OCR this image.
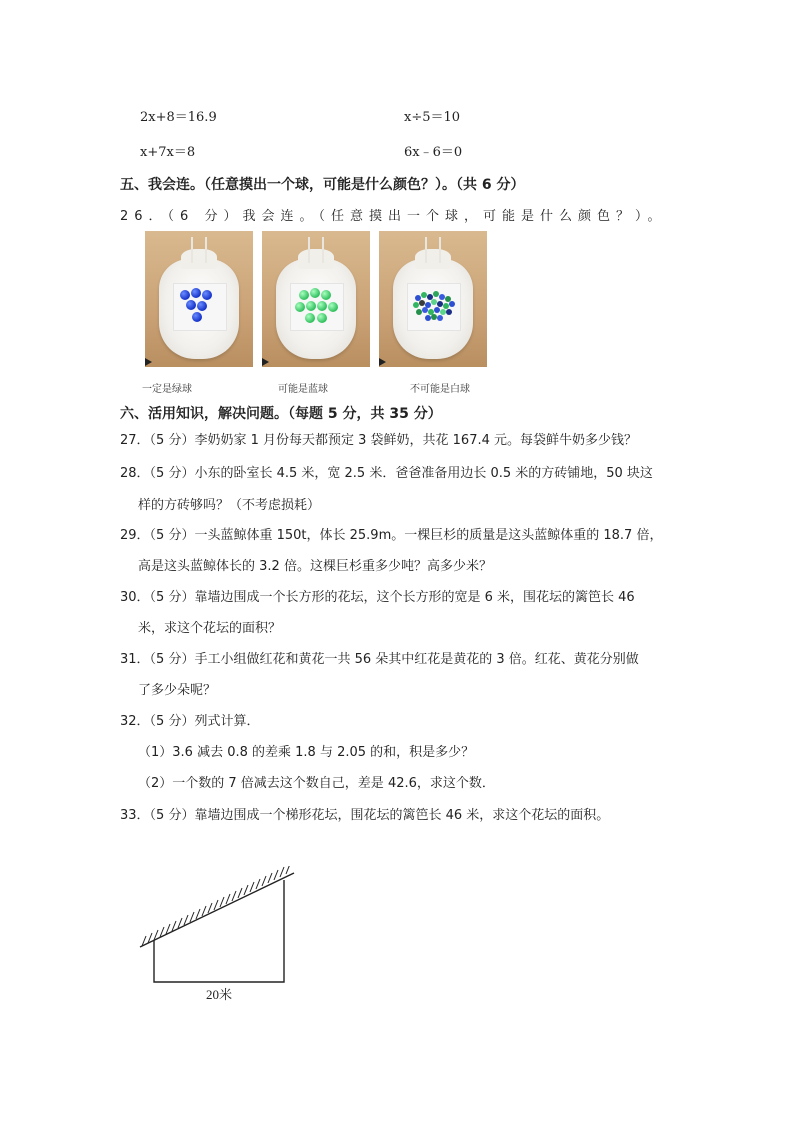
2x+8＝16.9	x÷5＝10
x+7x＝8	6x﹣6＝0
五、我会连。（任意摸出一个球，可能是什么颜色？）。（共 6 分）
26．（6 分）我会连。（任意摸出一个球，可能是什么颜色？）。
一定是绿球	可能是蓝球	不可能是白球
六、活用知识，解决问题。（每题 5 分，共 35 分）
27．（5 分）李奶奶家 1 月份每天都预定 3 袋鲜奶，共花 167.4 元。每袋鲜牛奶多少钱？
28．（5 分）小东的卧室长 4.5 米，宽 2.5 米．爸爸准备用边长 0.5 米的方砖铺地，50 块这
样的方砖够吗？（不考虑损耗）
29．（5 分）一头蓝鲸体重 150t，体长 25.9m。一棵巨杉的质量是这头蓝鲸体重的 18.7 倍，
高是这头蓝鲸体长的 3.2 倍。这棵巨杉重多少吨？高多少米？
30．（5 分）靠墙边围成一个长方形的花坛，这个长方形的宽是 6 米，围花坛的篱笆长 46
米，求这个花坛的面积？
31．（5 分）手工小组做红花和黄花一共 56 朵其中红花是黄花的 3 倍。红花、黄花分别做
了多少朵呢？
32．（5 分）列式计算．
（1）3.6 减去 0.8 的差乘 1.8 与 2.05 的和，积是多少？
（2）一个数的 7 倍减去这个数自己，差是 42.6，求这个数．
33．（5 分）靠墙边围成一个梯形花坛，围花坛的篱笆长 46 米，求这个花坛的面积。
20米
